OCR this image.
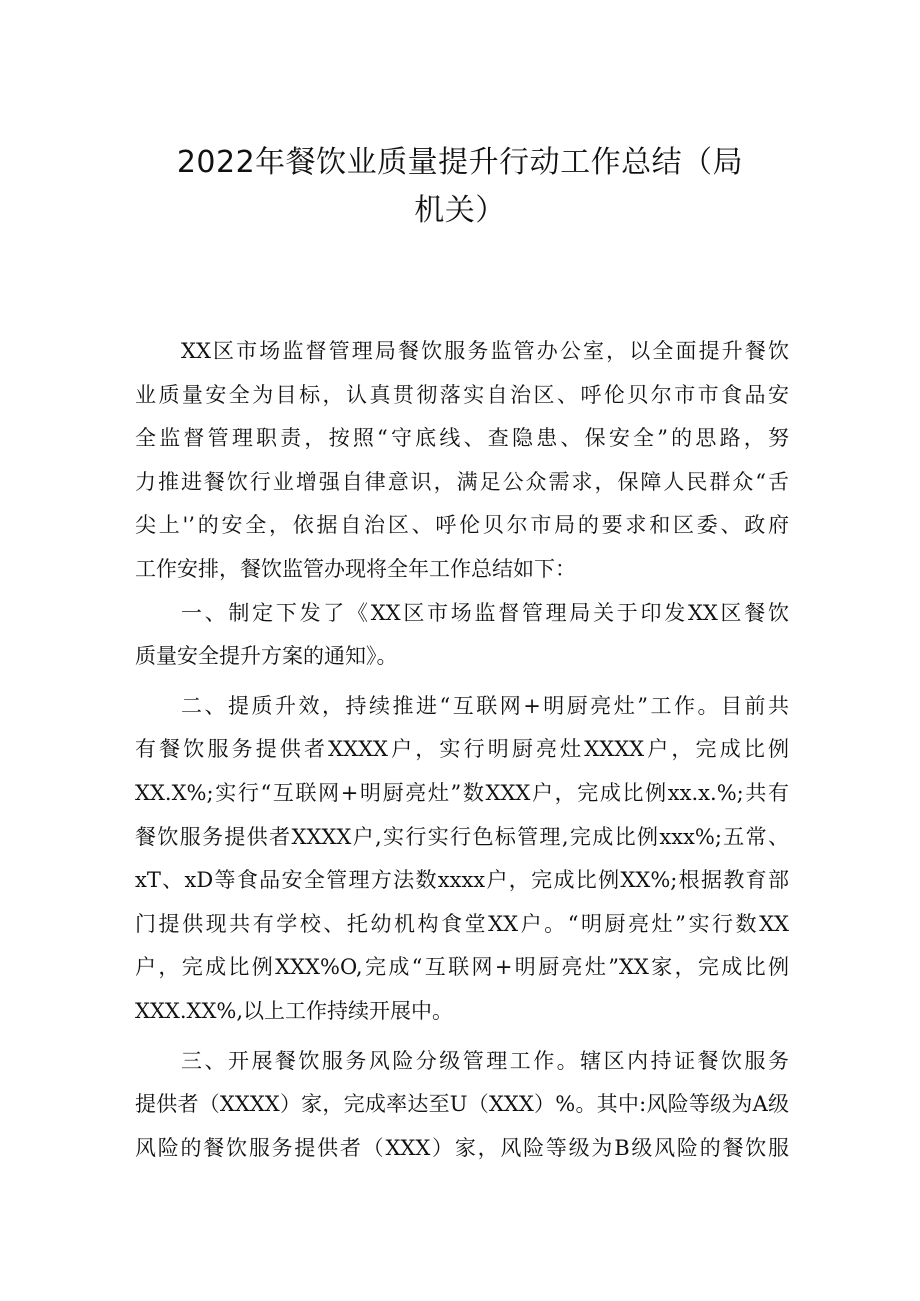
2022年餐饮业质量提升行动工作总结（局
机关）
XX区市场监督管理局餐饮服务监管办公室，以全面提升餐饮
业质量安全为目标，认真贯彻落实自治区、呼伦贝尔市市食品安
全监督管理职责，按照“守底线、查隐患、保安全”的思路，努
力推进餐饮行业增强自律意识，满足公众需求，保障人民群众“舌
尖上'’的安全，依据自治区、呼伦贝尔市局的要求和区委、政府
工作安排，餐饮监管办现将全年工作总结如下：
一、制定下发了《XX区市场监督管理局关于印发XX区餐饮
质量安全提升方案的通知》。
二、提质升效，持续推进“互联网+明厨亮灶”工作。目前共
有餐饮服务提供者XXXX户，实行明厨亮灶XXXX户，完成比例
XX.X%;实行“互联网+明厨亮灶”数XXX户，完成比例xx.x.%;共有
餐饮服务提供者XXXX户,实行实行色标管理,完成比例xxx%;五常、
xT、xD等食品安全管理方法数xxxx户，完成比例XX%;根据教育部
门提供现共有学校、托幼机构食堂XX户。“明厨亮灶”实行数XX
户，完成比例XXX%O,完成“互联网+明厨亮灶”XX家，完成比例
XXX.XX%,以上工作持续开展中。
三、开展餐饮服务风险分级管理工作。辖区内持证餐饮服务
提供者（XXXX）家，完成率达至U（XXX）%。其中:风险等级为A级
风险的餐饮服务提供者（XXX）家，风险等级为B级风险的餐饮服
